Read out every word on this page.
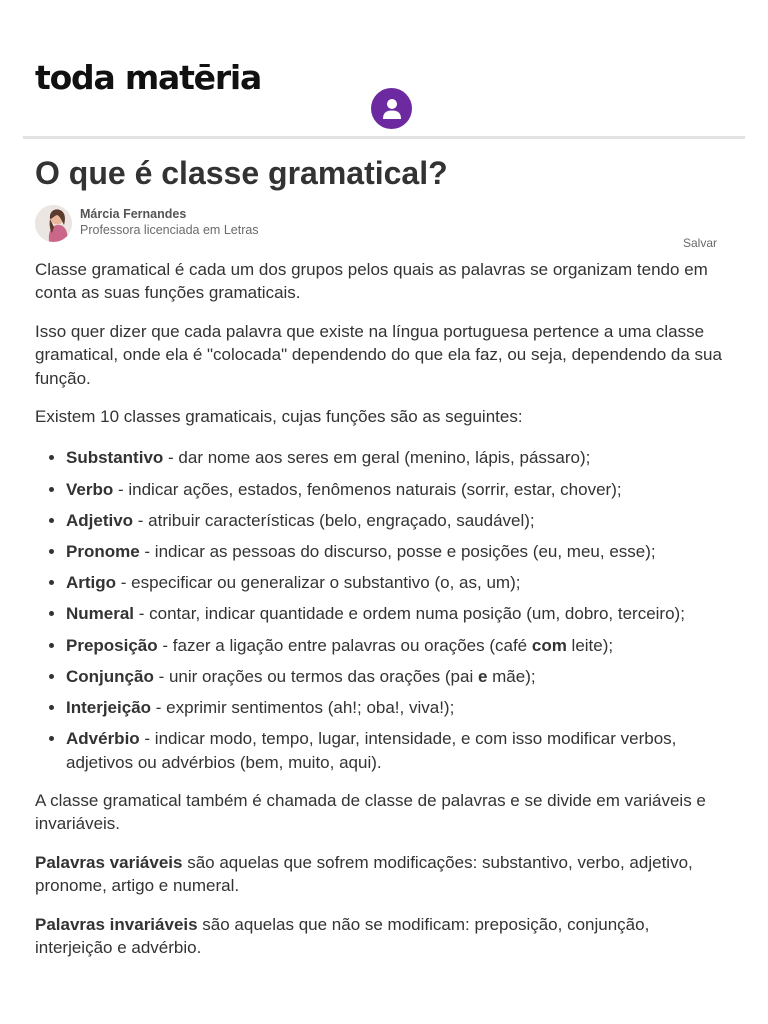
toda matēria
O que é classe gramatical?
Márcia Fernandes
Professora licenciada em Letras
Salvar

Classe gramatical é cada um dos grupos pelos quais as palavras se organizam tendo em conta as suas funções gramaticais.

Isso quer dizer que cada palavra que existe na língua portuguesa pertence a uma classe gramatical, onde ela é "colocada" dependendo do que ela faz, ou seja, dependendo da sua função.

Existem 10 classes gramaticais, cujas funções são as seguintes:

• Substantivo - dar nome aos seres em geral (menino, lápis, pássaro);
• Verbo - indicar ações, estados, fenômenos naturais (sorrir, estar, chover);
• Adjetivo - atribuir características (belo, engraçado, saudável);
• Pronome - indicar as pessoas do discurso, posse e posições (eu, meu, esse);
• Artigo - especificar ou generalizar o substantivo (o, as, um);
• Numeral - contar, indicar quantidade e ordem numa posição (um, dobro, terceiro);
• Preposição - fazer a ligação entre palavras ou orações (café com leite);
• Conjunção - unir orações ou termos das orações (pai e mãe);
• Interjeição - exprimir sentimentos (ah!; oba!, viva!);
• Advérbio - indicar modo, tempo, lugar, intensidade, e com isso modificar verbos, adjetivos ou advérbios (bem, muito, aqui).

A classe gramatical também é chamada de classe de palavras e se divide em variáveis e invariáveis.

Palavras variáveis são aquelas que sofrem modificações: substantivo, verbo, adjetivo, pronome, artigo e numeral.

Palavras invariáveis são aquelas que não se modificam: preposição, conjunção, interjeição e advérbio.
